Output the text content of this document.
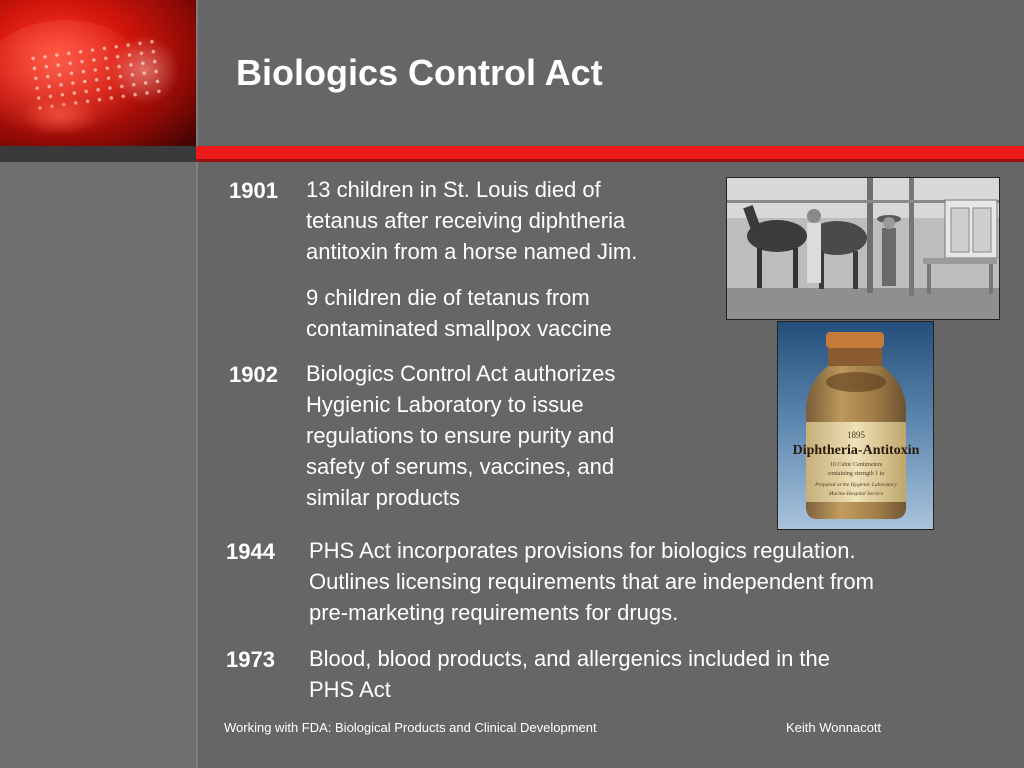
Biologics Control Act
1901 13 children in St. Louis died of
tetanus after receiving diphtheria
antitoxin from a horse named Jim.
9 children die of tetanus from
contaminated smallpox vaccine
1902 Biologics Control Act authorizes
Hygienic Laboratory to issue
regulations to ensure purity and
safety of serums, vaccines, and
similar products
1944 PHS Act incorporates provisions for biologics regulation.
Outlines licensing requirements that are independent from
pre-marketing requirements for drugs.
1973 Blood, blood products, and allergenics included in the
PHS Act
1895
Diphtheria-Antitoxin
10 Cubic Centimeters
containing strength 1 to
Prepared at the Hygienic Laboratory
Marine-Hospital Service
Working with FDA: Biological Products and Clinical Development	Keith Wonnacott
